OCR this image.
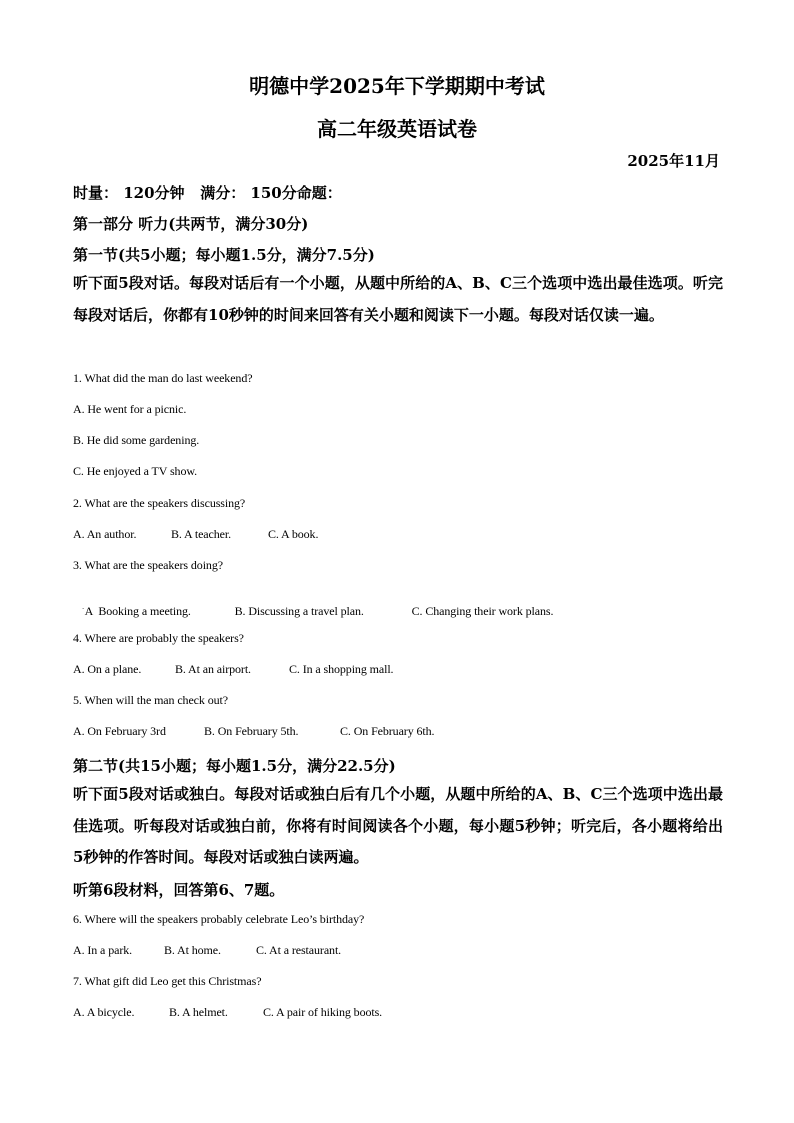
明德中学2025年下学期期中考试
高二年级英语试卷
2025年11月
时量： 120分钟   满分： 150分命题：
第一部分 听力(共两节，满分30分)
第一节(共5小题；每小题1.5分，满分7.5分)
听下面5段对话。每段对话后有一个小题，从题中所给的A、B、C三个选项中选出最佳选项。听完每段对话后，你都有10秒钟的时间来回答有关小题和阅读下一小题。每段对话仅读一遍。
1. What did the man do last weekend?
A. He went for a picnic.
B. He did some gardening.
C. He enjoyed a TV show.
2. What are the speakers discussing?
A. An author.	B. A teacher.	C. A book.
3. What are the speakers doing?

A  Booking a meeting.	B. Discussing a travel plan.	C. Changing their work plans.

·
4. Where are probably the speakers?
A. On a plane.	B. At an airport.	C. In a shopping mall.
5. When will the man check out?
A. On February 3rd	B. On February 5th.	C. On February 6th.
第二节(共15小题；每小题1.5分，满分22.5分)
听下面5段对话或独白。每段对话或独白后有几个小题，从题中所给的A、B、C三个选项中选出最佳选项。听每段对话或独白前，你将有时间阅读各个小题，每小题5秒钟；听完后，各小题将给出5秒钟的作答时间。每段对话或独白读两遍。
听第6段材料，回答第6、7题。
6. Where will the speakers probably celebrate Leo’s birthday?
A. In a park.	B. At home.	C. At a restaurant.
7. What gift did Leo get this Christmas?
A. A bicycle.	B. A helmet.	C. A pair of hiking boots.
